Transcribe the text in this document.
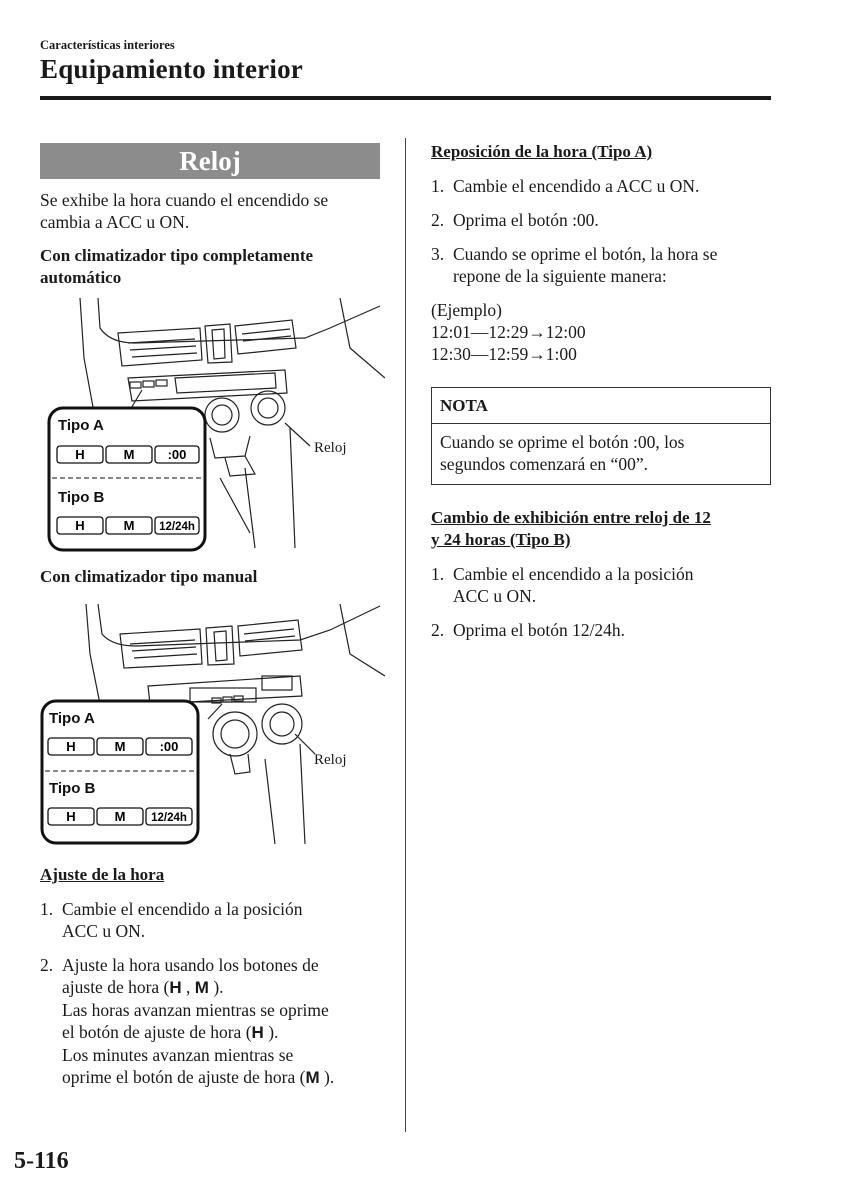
Características interiores
Equipamiento interior
Reloj
Se exhibe la hora cuando el encendido se
cambia a ACC u ON.
Con climatizador tipo completamente
automático
Reloj
Tipo A
Tipo B
H	M	:00
H	M 12/24h
Con climatizador tipo manual
Reloj
Tipo A
Tipo B
H	M	:00
H	M 12/24h
Ajuste de la hora
1. Cambie el encendido a la posición
ACC u ON.
2. Ajuste la hora usando los botones de
ajuste de hora (H , M ).
Las horas avanzan mientras se oprime
el botón de ajuste de hora (H ).
Los minutes avanzan mientras se
oprime el botón de ajuste de hora (M ).
Reposición de la hora (Tipo A)
1. Cambie el encendido a ACC u ON.
2. Oprima el botón :00.
3. Cuando se oprime el botón, la hora se
repone de la siguiente manera:
(Ejemplo)
12:01—12:29→12:00
12:30—12:59→1:00
NOTA
Cuando se oprime el botón :00, los
segundos comenzará en “00”.
Cambio de exhibición entre reloj de 12
y 24 horas (Tipo B)
1. Cambie el encendido a la posición
ACC u ON.
2. Oprima el botón 12/24h.
5-116
